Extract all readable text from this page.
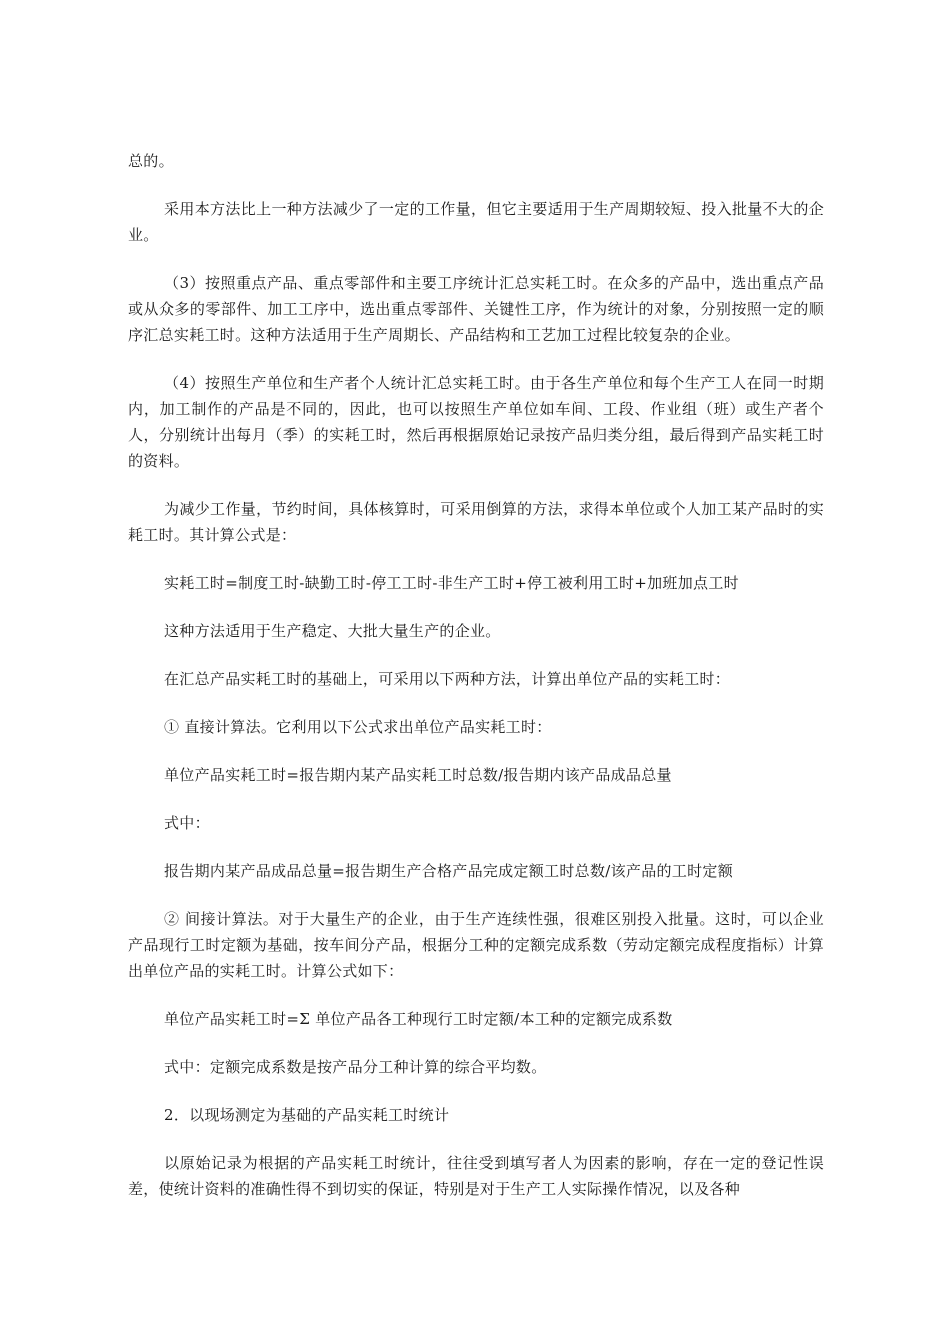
总的。

采用本方法比上一种方法减少了一定的工作量，但它主要适用于生产周期较短、投入批量不大的企业。

（3）按照重点产品、重点零部件和主要工序统计汇总实耗工时。在众多的产品中，选出重点产品或从众多的零部件、加工工序中，选出重点零部件、关键性工序，作为统计的对象，分别按照一定的顺序汇总实耗工时。这种方法适用于生产周期长、产品结构和工艺加工过程比较复杂的企业。

（4）按照生产单位和生产者个人统计汇总实耗工时。由于各生产单位和每个生产工人在同一时期内，加工制作的产品是不同的，因此，也可以按照生产单位如车间、工段、作业组（班）或生产者个人，分别统计出每月（季）的实耗工时，然后再根据原始记录按产品归类分组，最后得到产品实耗工时的资料。

为减少工作量，节约时间，具体核算时，可采用倒算的方法，求得本单位或个人加工某产品时的实耗工时。其计算公式是：

实耗工时=制度工时-缺勤工时-停工工时-非生产工时+停工被利用工时+加班加点工时

这种方法适用于生产稳定、大批大量生产的企业。

在汇总产品实耗工时的基础上，可采用以下两种方法，计算出单位产品的实耗工时：

① 直接计算法。它利用以下公式求出单位产品实耗工时：

单位产品实耗工时=报告期内某产品实耗工时总数/报告期内该产品成品总量

式中：

报告期内某产品成品总量=报告期生产合格产品完成定额工时总数/该产品的工时定额

② 间接计算法。对于大量生产的企业，由于生产连续性强，很难区别投入批量。这时，可以企业产品现行工时定额为基础，按车间分产品，根据分工种的定额完成系数（劳动定额完成程度指标）计算出单位产品的实耗工时。计算公式如下：

单位产品实耗工时=Σ 单位产品各工种现行工时定额/本工种的定额完成系数

式中：定额完成系数是按产品分工种计算的综合平均数。

2．以现场测定为基础的产品实耗工时统计

以原始记录为根据的产品实耗工时统计，往往受到填写者人为因素的影响，存在一定的登记性误差，使统计资料的准确性得不到切实的保证，特别是对于生产工人实际操作情况，以及各种
